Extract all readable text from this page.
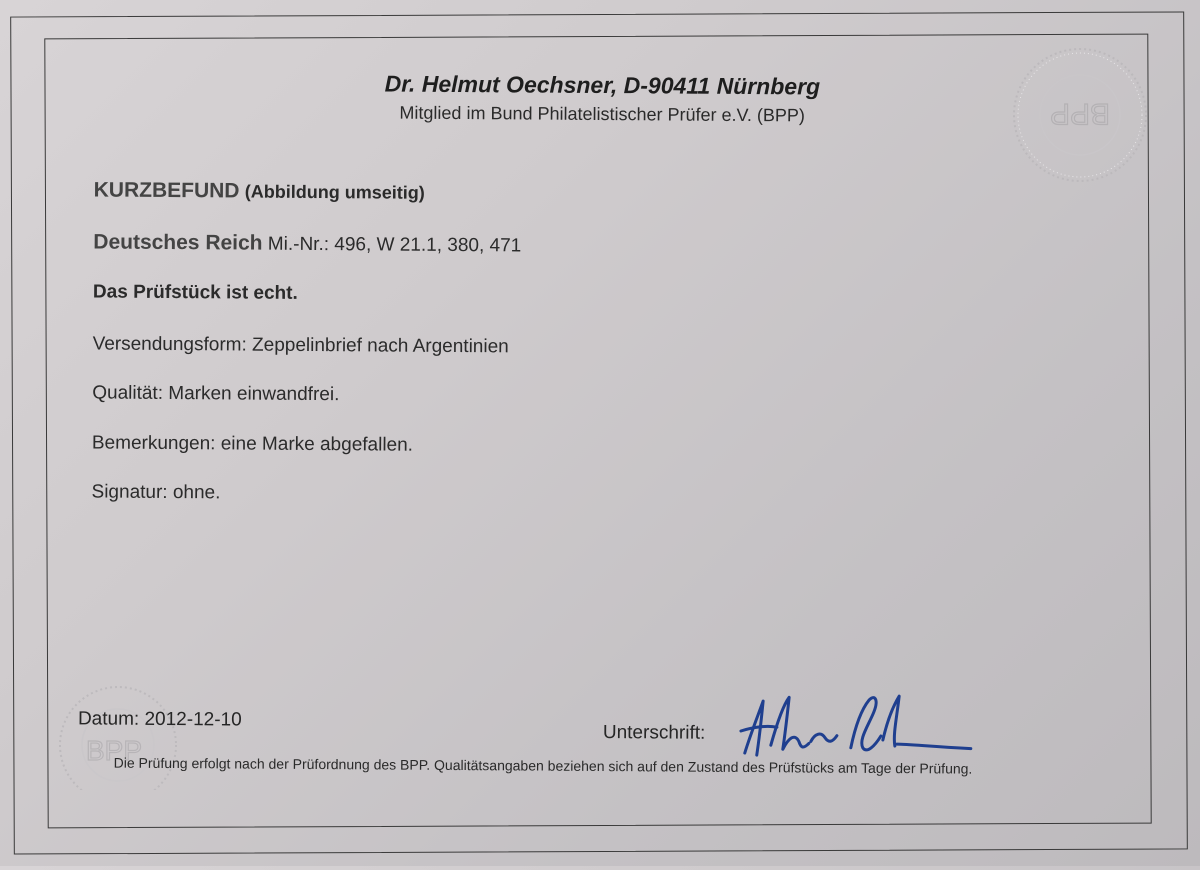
BPP
BPP
Dr. Helmut Oechsner, D-90411 Nürnberg
Mitglied im Bund Philatelistischer Prüfer e.V. (BPP)
KURZBEFUND (Abbildung umseitig)
Deutsches Reich Mi.-Nr.: 496, W 21.1, 380, 471
Das Prüfstück ist echt.
Versendungsform: Zeppelinbrief nach Argentinien
Qualität: Marken einwandfrei.
Bemerkungen: eine Marke abgefallen.
Signatur: ohne.
Datum: 2012-12-10
Unterschrift:
Die Prüfung erfolgt nach der Prüfordnung des BPP. Qualitätsangaben beziehen sich auf den Zustand des Prüfstücks am Tage der Prüfung.
